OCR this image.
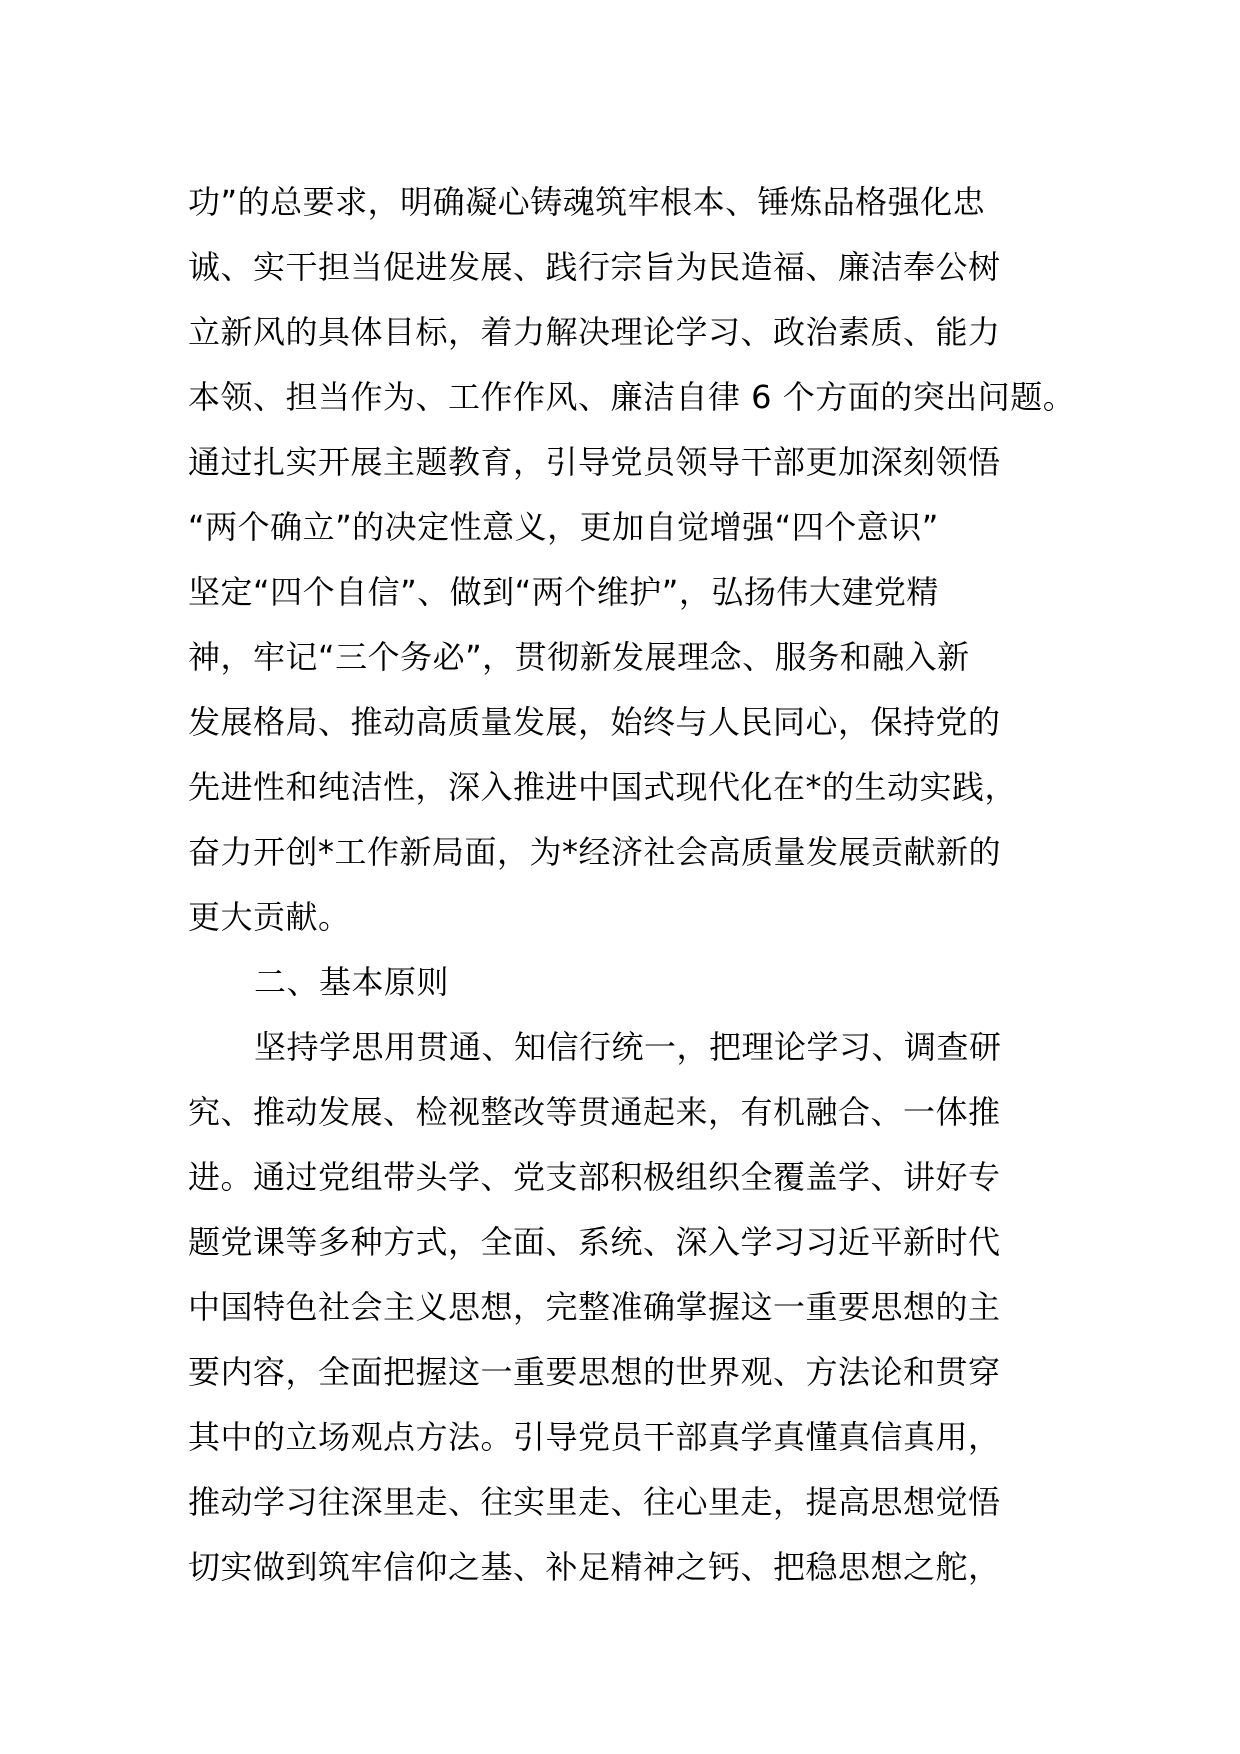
功”的总要求，明确凝心铸魂筑牢根本、锤炼品格强化忠
诚、实干担当促进发展、践行宗旨为民造福、廉洁奉公树
立新风的具体目标，着力解决理论学习、政治素质、能力
本领、担当作为、工作作风、廉洁自律 6 个方面的突出问题。
通过扎实开展主题教育，引导党员领导干部更加深刻领悟
“两个确立”的决定性意义，更加自觉增强“四个意识”
坚定“四个自信”、做到“两个维护”，弘扬伟大建党精
神，牢记“三个务必”，贯彻新发展理念、服务和融入新
发展格局、推动高质量发展，始终与人民同心，保持党的
先进性和纯洁性，深入推进中国式现代化在*的生动实践，
奋力开创*工作新局面，为*经济社会高质量发展贡献新的
更大贡献。
二、基本原则
坚持学思用贯通、知信行统一，把理论学习、调查研
究、推动发展、检视整改等贯通起来，有机融合、一体推
进。通过党组带头学、党支部积极组织全覆盖学、讲好专
题党课等多种方式，全面、系统、深入学习习近平新时代
中国特色社会主义思想，完整准确掌握这一重要思想的主
要内容，全面把握这一重要思想的世界观、方法论和贯穿
其中的立场观点方法。引导党员干部真学真懂真信真用，
推动学习往深里走、往实里走、往心里走，提高思想觉悟
切实做到筑牢信仰之基、补足精神之钙、把稳思想之舵，
